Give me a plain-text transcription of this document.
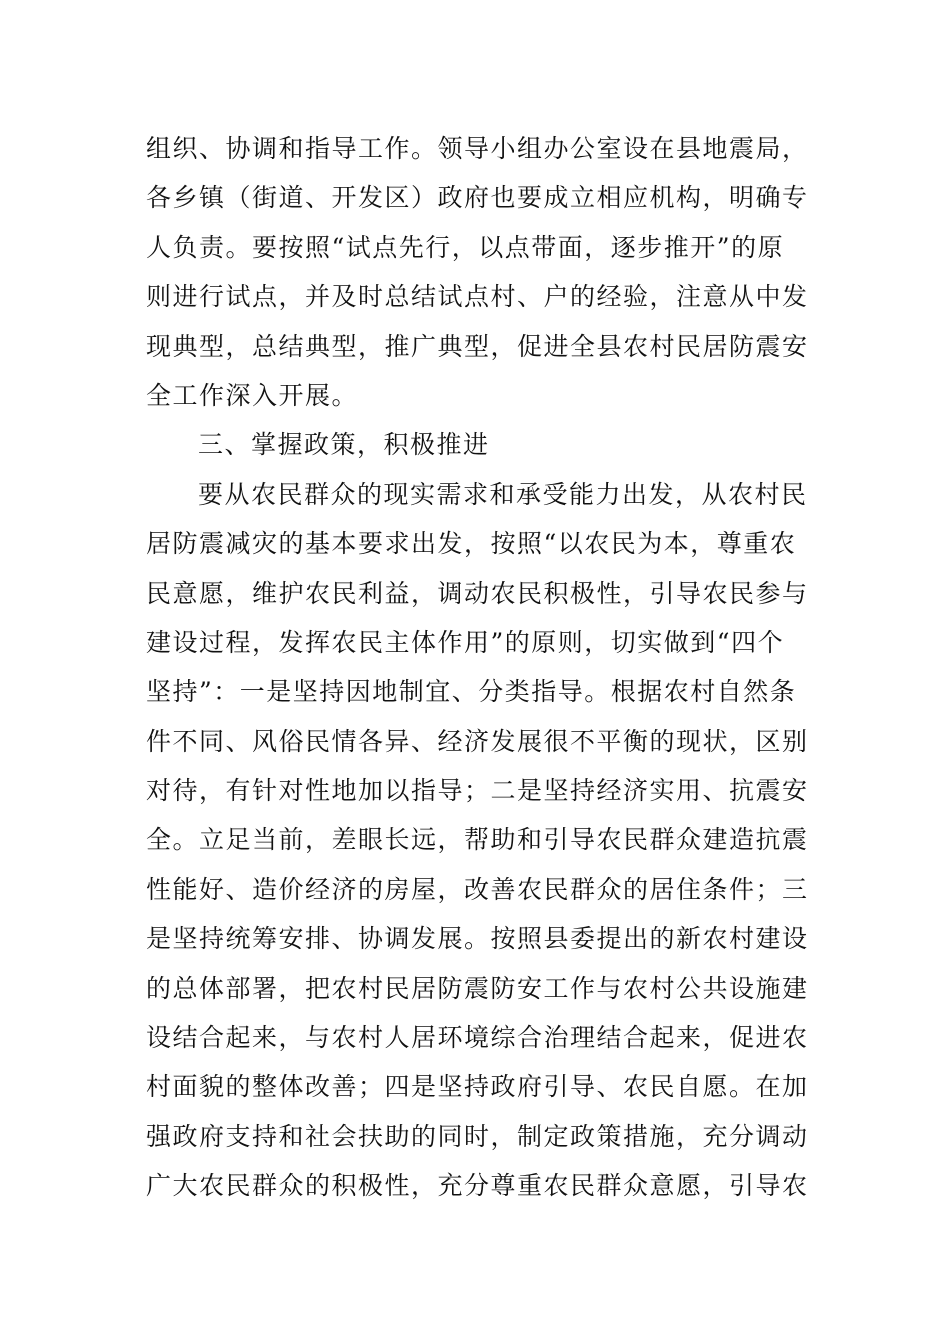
组织、协调和指导工作。领导小组办公室设在县地震局，
各乡镇（街道、开发区）政府也要成立相应机构，明确专
人负责。要按照“试点先行，以点带面，逐步推开”的原
则进行试点，并及时总结试点村、户的经验，注意从中发
现典型，总结典型，推广典型，促进全县农村民居防震安
全工作深入开展。
三、掌握政策，积极推进
要从农民群众的现实需求和承受能力出发，从农村民
居防震减灾的基本要求出发，按照“以农民为本，尊重农
民意愿，维护农民利益，调动农民积极性，引导农民参与
建设过程，发挥农民主体作用”的原则，切实做到“四个
坚持”：一是坚持因地制宜、分类指导。根据农村自然条
件不同、风俗民情各异、经济发展很不平衡的现状，区别
对待，有针对性地加以指导；二是坚持经济实用、抗震安
全。立足当前，差眼长远，帮助和引导农民群众建造抗震
性能好、造价经济的房屋，改善农民群众的居住条件；三
是坚持统筹安排、协调发展。按照县委提出的新农村建设
的总体部署，把农村民居防震防安工作与农村公共设施建
设结合起来，与农村人居环境综合治理结合起来，促进农
村面貌的整体改善；四是坚持政府引导、农民自愿。在加
强政府支持和社会扶助的同时，制定政策措施，充分调动
广大农民群众的积极性，充分尊重农民群众意愿，引导农
